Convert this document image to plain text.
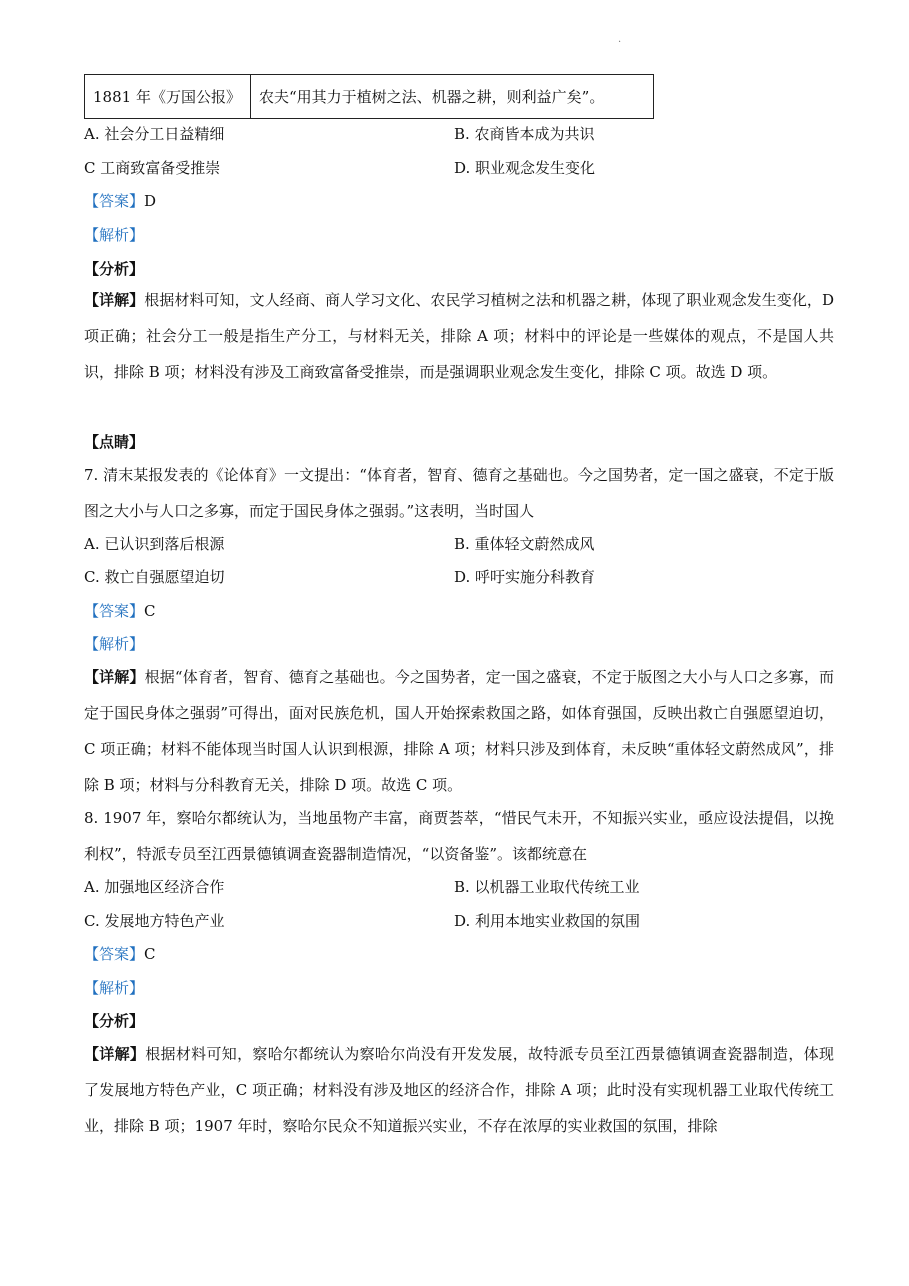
.
1881 年《万国公报》	农夫“用其力于植树之法、机器之耕，则利益广矣”。
A. 社会分工日益精细	B. 农商皆本成为共识
C 工商致富备受推崇	D. 职业观念发生变化
【答案】D
【解析】
【分析】
【详解】根据材料可知，文人经商、商人学习文化、农民学习植树之法和机器之耕，体现了职业观念发生变化，D 项正确；社会分工一般是指生产分工，与材料无关，排除 A 项；材料中的评论是一些媒体的观点，不是国人共识，排除 B 项；材料没有涉及工商致富备受推崇，而是强调职业观念发生变化，排除 C 项。故选 D 项。
【点睛】
7. 清末某报发表的《论体育》一文提出：“体育者，智育、德育之基础也。今之国势者，定一国之盛衰，不定于版图之大小与人口之多寡，而定于国民身体之强弱。”这表明，当时国人
A. 已认识到落后根源	B. 重体轻文蔚然成风
C. 救亡自强愿望迫切	D. 呼吁实施分科教育
【答案】C
【解析】
【详解】根据“体育者，智育、德育之基础也。今之国势者，定一国之盛衰，不定于版图之大小与人口之多寡，而定于国民身体之强弱”可得出，面对民族危机，国人开始探索救国之路，如体育强国，反映出救亡自强愿望迫切，C 项正确；材料不能体现当时国人认识到根源，排除 A 项；材料只涉及到体育，未反映“重体轻文蔚然成风”，排除 B 项；材料与分科教育无关，排除 D 项。故选 C 项。
8. 1907 年，察哈尔都统认为，当地虽物产丰富，商贾荟萃，“惜民气未开，不知振兴实业，亟应设法提倡，以挽利权”，特派专员至江西景德镇调查瓷器制造情况，“以资备鉴”。该都统意在
A. 加强地区经济合作	B. 以机器工业取代传统工业
C. 发展地方特色产业	D. 利用本地实业救国的氛围
【答案】C
【解析】
【分析】
【详解】根据材料可知，察哈尔都统认为察哈尔尚没有开发发展，故特派专员至江西景德镇调查瓷器制造，体现了发展地方特色产业，C 项正确；材料没有涉及地区的经济合作，排除 A 项；此时没有实现机器工业取代传统工业，排除 B 项；1907 年时，察哈尔民众不知道振兴实业，不存在浓厚的实业救国的氛围，排除
